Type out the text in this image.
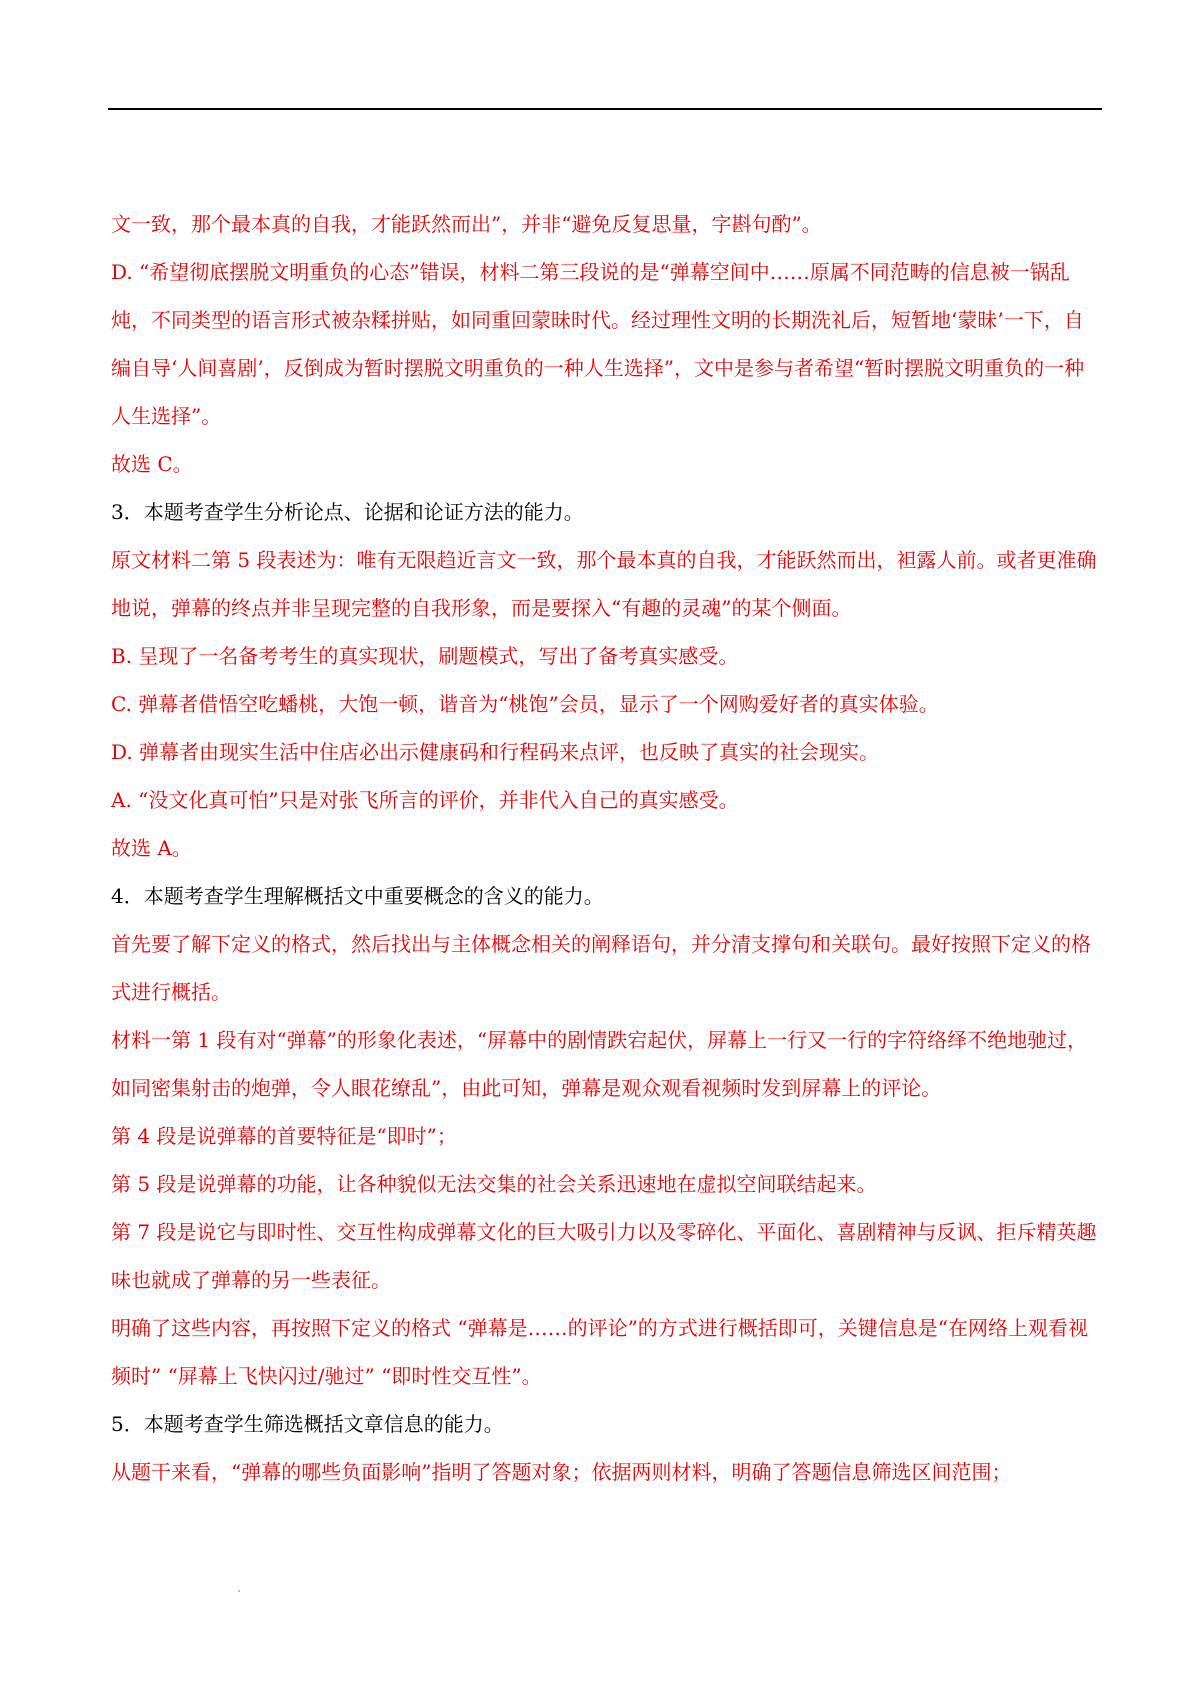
文一致，那个最本真的自我，才能跃然而出”，并非“避免反复思量，字斟句酌”。

D. “希望彻底摆脱文明重负的心态”错误，材料二第三段说的是“弹幕空间中……原属不同范畴的信息被一锅乱炖，不同类型的语言形式被杂糅拼贴，如同重回蒙昧时代。经过理性文明的长期洗礼后，短暂地‘蒙昧’一下，自编自导‘人间喜剧’，反倒成为暂时摆脱文明重负的一种人生选择”，文中是参与者希望“暂时摆脱文明重负的一种人生选择”。

故选 C。

3．本题考查学生分析论点、论据和论证方法的能力。

原文材料二第 5 段表述为：唯有无限趋近言文一致，那个最本真的自我，才能跃然而出，袒露人前。或者更准确地说，弹幕的终点并非呈现完整的自我形象，而是要探入“有趣的灵魂”的某个侧面。

B. 呈现了一名备考考生的真实现状，刷题模式，写出了备考真实感受。

C. 弹幕者借悟空吃蟠桃，大饱一顿，谐音为“桃饱”会员，显示了一个网购爱好者的真实体验。

D. 弹幕者由现实生活中住店必出示健康码和行程码来点评，也反映了真实的社会现实。

A. “没文化真可怕”只是对张飞所言的评价，并非代入自己的真实感受。

故选 A。

4．本题考查学生理解概括文中重要概念的含义的能力。

首先要了解下定义的格式，然后找出与主体概念相关的阐释语句，并分清支撑句和关联句。最好按照下定义的格式进行概括。

材料一第 1 段有对“弹幕”的形象化表述，“屏幕中的剧情跌宕起伏，屏幕上一行又一行的字符络绎不绝地驰过，如同密集射击的炮弹，令人眼花缭乱”，由此可知，弹幕是观众观看视频时发到屏幕上的评论。

第 4 段是说弹幕的首要特征是“即时”；

第 5 段是说弹幕的功能，让各种貌似无法交集的社会关系迅速地在虚拟空间联结起来。

第 7 段是说它与即时性、交互性构成弹幕文化的巨大吸引力以及零碎化、平面化、喜剧精神与反讽、拒斥精英趣味也就成了弹幕的另一些表征。

明确了这些内容，再按照下定义的格式 “弹幕是……的评论”的方式进行概括即可，关键信息是“在网络上观看视频时” “屏幕上飞快闪过/驰过” “即时性交互性”。

5．本题考查学生筛选概括文章信息的能力。

从题干来看，“弹幕的哪些负面影响”指明了答题对象；依据两则材料，明确了答题信息筛选区间范围；
